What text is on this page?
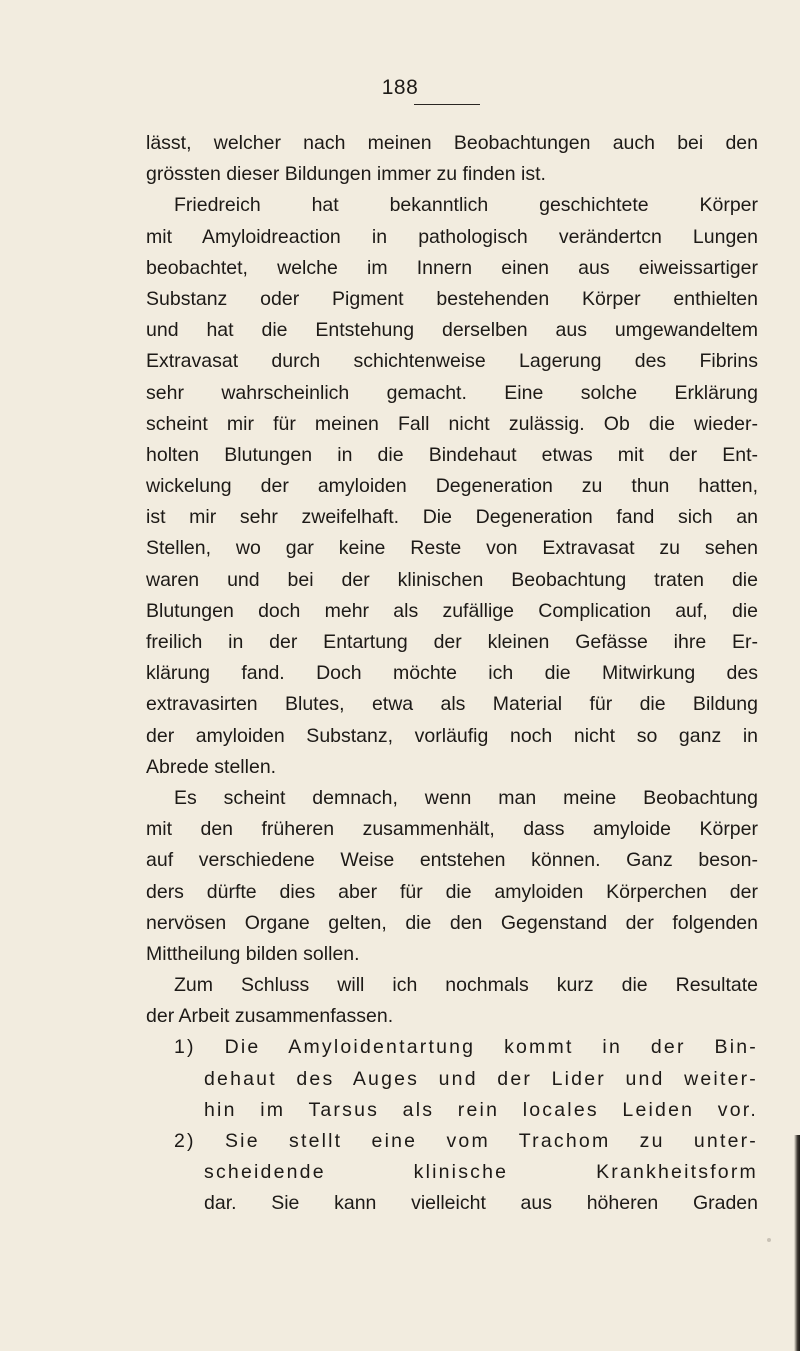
188
lässt, welcher nach meinen Beobachtungen auch bei den
grössten dieser Bildungen immer zu finden ist.
Friedreich hat bekanntlich geschichtete Körper
mit Amyloidreaction in pathologisch verändertcn Lungen
beobachtet, welche im Innern einen aus eiweissartiger
Substanz oder Pigment bestehenden Körper enthielten
und hat die Entstehung derselben aus umgewandeltem
Extravasat durch schichtenweise Lagerung des Fibrins
sehr wahrscheinlich gemacht. Eine solche Erklärung
scheint mir für meinen Fall nicht zulässig. Ob die wieder-
holten Blutungen in die Bindehaut etwas mit der Ent-
wickelung der amyloiden Degeneration zu thun hatten,
ist mir sehr zweifelhaft. Die Degeneration fand sich an
Stellen, wo gar keine Reste von Extravasat zu sehen
waren und bei der klinischen Beobachtung traten die
Blutungen doch mehr als zufällige Complication auf, die
freilich in der Entartung der kleinen Gefässe ihre Er-
klärung fand. Doch möchte ich die Mitwirkung des
extravasirten Blutes, etwa als Material für die Bildung
der amyloiden Substanz, vorläufig noch nicht so ganz in
Abrede stellen.
Es scheint demnach, wenn man meine Beobachtung
mit den früheren zusammenhält, dass amyloide Körper
auf verschiedene Weise entstehen können. Ganz beson-
ders dürfte dies aber für die amyloiden Körperchen der
nervösen Organe gelten, die den Gegenstand der folgenden
Mittheilung bilden sollen.
Zum Schluss will ich nochmals kurz die Resultate
der Arbeit zusammenfassen.
1) Die Amyloidentartung kommt in der Bin-
dehaut des Auges und der Lider und weiter-
hin im Tarsus als rein locales Leiden vor.
2) Sie stellt eine vom Trachom zu unter-
scheidende klinische Krankheitsform
dar. Sie kann vielleicht aus höheren Graden
